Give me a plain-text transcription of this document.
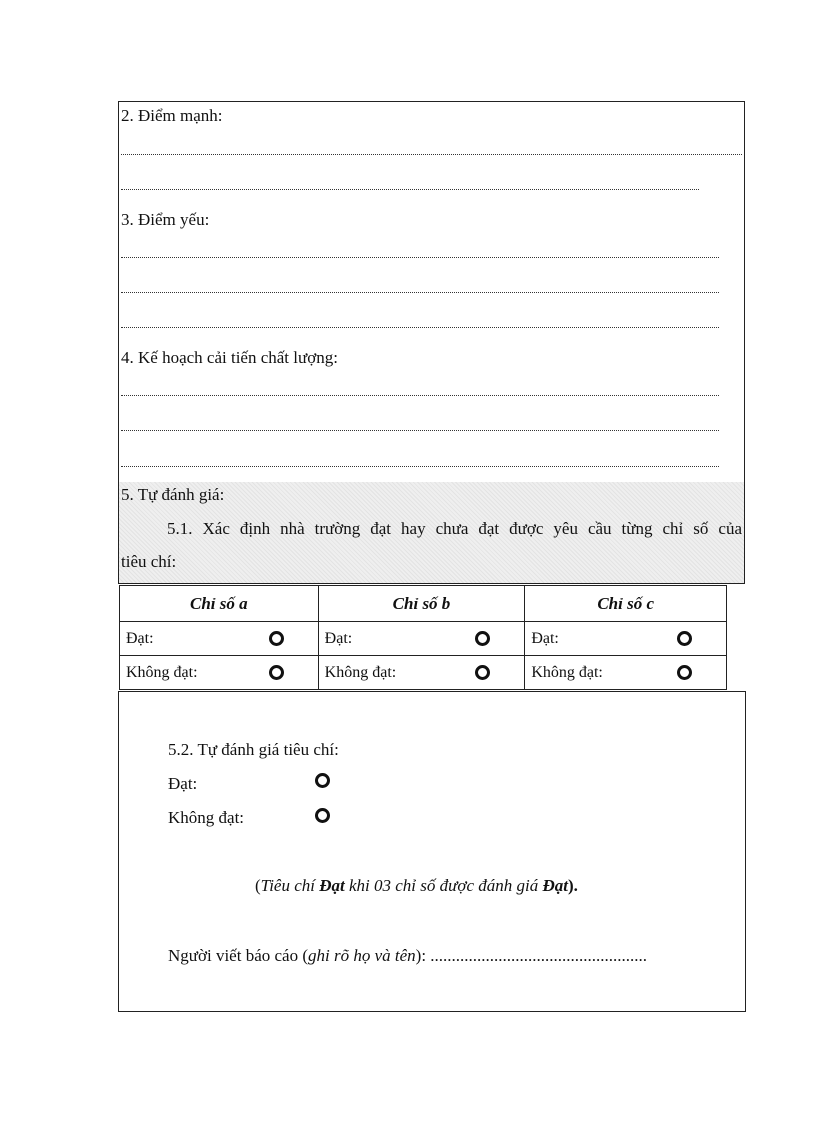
2. Điểm mạnh:
3. Điểm yếu:
4. Kế hoạch cải tiến chất lượng:
5. Tự đánh giá:
5.1. Xác định nhà trường đạt hay chưa đạt được yêu cầu từng chỉ số của
tiêu chí:
Chỉ số a	Chỉ số b	Chỉ số c

Đạt:	Đạt:	Đạt:

Không đạt:	Không đạt:	Không đạt:
5.2. Tự đánh giá tiêu chí:
Đạt:
Không đạt:
(Tiêu chí Đạt khi 03 chỉ số được đánh giá Đạt).
Người viết báo cáo (ghi rõ họ và tên): ...................................................
